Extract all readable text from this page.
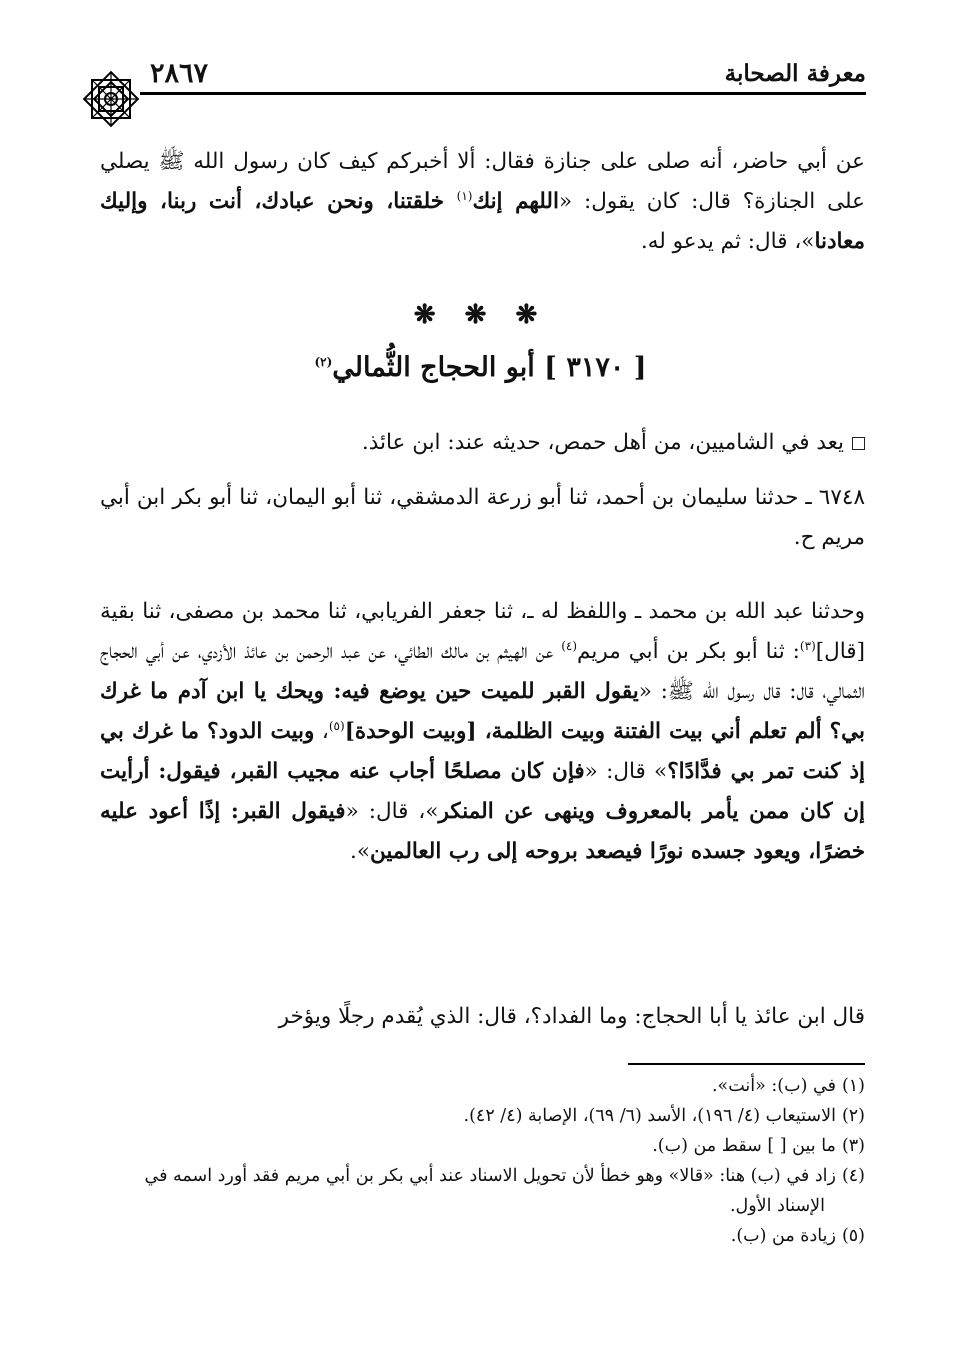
معرفة الصحابة
٢٨٦٧
عن أبي حاضر، أنه صلى على جنازة فقال: ألا أخبركم كيف كان رسول الله ﷺ يصلي على الجنازة؟ قال: كان يقول: «اللهم إنك$^{(١)}$ خلقتنا، ونحن عبادك، أنت ربنا، وإليك معادنا»، قال: ثم يدعو له.
❋ ❋ ❋
[ ٣١٧٠ ] أبو الحجاج الثُّمالي$^{(٢)}$
يعد في الشاميين، من أهل حمص، حديثه عند: ابن عائذ.
٦٧٤٨ ـ حدثنا سليمان بن أحمد، ثنا أبو زرعة الدمشقي، ثنا أبو اليمان، ثنا أبو بكر ابن أبي مريم ح.
وحدثنا عبد الله بن محمد ـ واللفظ له ـ، ثنا جعفر الفريابي، ثنا محمد بن مصفى، ثنا بقية [قال]$^{(٣)}$: ثنا أبو بكر بن أبي مريم$^{(٤)}$ عن الهيثم بن مالك الطائي، عن عبد الرحمن بن عائذ الأزدي، عن أبي الحجاج الثمالي، قال: قال رسول الله ﷺ: «يقول القبر للميت حين يوضع فيه: ويحك يا ابن آدم ما غرك بي؟ ألم تعلم أني بيت الفتنة وبيت الظلمة، [وبيت الوحدة]$^{(٥)}$، وبيت الدود؟ ما غرك بي إذ كنت تمر بي فدَّادًا؟» قال: «فإن كان مصلحًا أجاب عنه مجيب القبر، فيقول: أرأيت إن كان ممن يأمر بالمعروف وينهى عن المنكر»، قال: «فيقول القبر: إذًا أعود عليه خضرًا، ويعود جسده نورًا فيصعد بروحه إلى رب العالمين».
قال ابن عائذ يا أبا الحجاج: وما الفداد؟، قال: الذي يُقدم رجلًا ويؤخر
(١)في (ب): «أنت».
(٢)الاستيعاب (٤/ ١٩٦)، الأسد (٦/ ٦٩)، الإصابة (٤/ ٤٢).
(٣)ما بين [ ] سقط من (ب).
(٤)زاد في (ب) هنا: «قالا» وهو خطأ لأن تحويل الاسناد عند أبي بكر بن أبي مريم فقد أورد اسمه في
الإسناد الأول.
(٥)زيادة من (ب).
